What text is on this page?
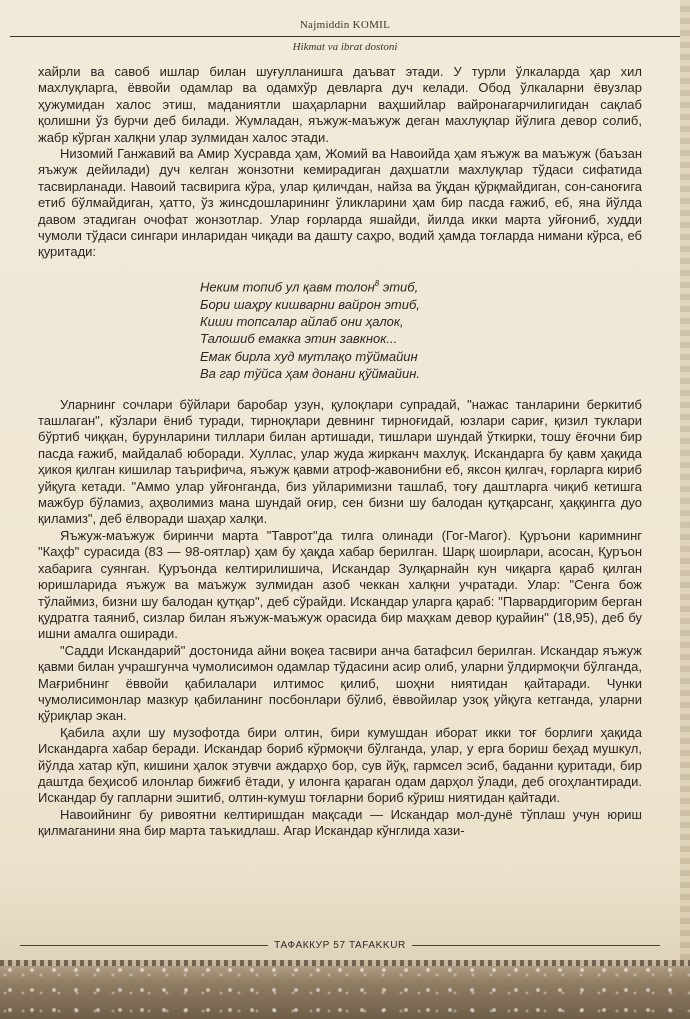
Najmiddin KOMIL
Hikmat va ibrat dostoni

хайрли ва савоб ишлар билан шуғулланишга даъват этади. У турли ўлкаларда ҳар хил махлуқларга, ёввойи одамлар ва одамхўр девларга дуч келади. Обод ўлкаларни ёвузлар ҳужумидан халос этиш, маданиятли шаҳарларни ваҳшийлар вайронагарчилигидан сақлаб қолишни ўз бурчи деб билади. Жумладан, яъжуж-маъжуж деган махлуқлар йўлига девор солиб, жабр кўрган халқни улар зулмидан халос этади.

Низомий Ганжавий ва Амир Хусравда ҳам, Жомий ва Навоийда ҳам яъжуж ва маъжуж (баъзан яъжуж дейилади) дуч келган жонзотни кемирадиган даҳшатли махлуқлар тўдаси сифатида тасвирланади. Навоий тасвирига кўра, улар қиличдан, найза ва ўқдан қўрқмайдиган, сон-саноғига етиб бўлмайдиган, ҳатто, ўз жинсдошларининг ўликларини ҳам бир пасда ғажиб, еб, яна йўлда давом этадиган очофат жонзотлар. Улар ғорларда яшайди, йилда икки марта уйғониб, худди чумоли тўдаси сингари инларидан чиқади ва даштy саҳро, водий ҳамда тоғларда нимани кўрса, еб қуритади:

Неким топиб ул қавм толон$^8$ этиб,
Бори шаҳру кишварни вайрон этиб,
Киши топсалар айлаб они ҳалок,
Талошиб емакка этин завкнок...
Емак бирла худ мутлақо тўймайин
Ва гар тўйса ҳам донани қўймайин.

Уларнинг сочлари бўйлари баробар узун, қулоқлари супрадай, "нажас танларини беркитиб ташлаган", кўзлари ёниб туради, тирноқлари девнинг тирноғидай, юзлари сариғ, қизил туклари бўртиб чиққан, бурунларини тиллари билан артишади, тишлари шундай ўткирки, тошу ёғочни бир пасда ғажиб, майдалаб юборади. Хуллас, улар жуда жирканч махлуқ. Искандарга бу қавм ҳақида ҳикоя қилган кишилар таърифича, яъжуж қавми атроф-жавонибни еб, яксон қилгач, ғорларга кириб уйқуга кетади. "Аммо улар уйғонганда, биз уйларимизни ташлаб, тоғу даштларга чиқиб кетишга мажбур бўламиз, аҳволимиз мана шундай оғир, сен бизни шу балодан қутқарсанг, ҳаққингга дуо қиламиз", деб ёлворади шаҳар халқи.

Яъжуж-маъжуж биринчи марта "Таврот"да тилга олинади (Гог-Магог). Қуръони каримнинг "Каҳф" сурасида (83 — 98-оятлар) ҳам бу ҳақда хабар берилган. Шарқ шоирлари, асосан, Қуръон хабарига суянган. Қуръонда келтирилишича, Искандар Зулқарнайн кун чиқарга қараб қилган юришларида яъжуж ва маъжуж зулмидан азоб чеккан халқни учратади. Улар: "Сенга бож тўлаймиз, бизни шу балодан қутқар", деб сўрайди. Искандар уларга қараб: "Парвардигорим берган қудратга таяниб, сизлар билан яъжуж-маъжуж орасида бир маҳкам девор қурайин" (18,95), деб бу ишни амалга оширади.

"Садди Искандарий" достонида айни воқеа тасвири анча батафсил берилган. Искандар яъжуж қавми билан учрашгунча чумолисимон одамлар тўдасини асир олиб, уларни ўлдирмоқчи бўлганда, Мағрибнинг ёввойи қабилалари илтимос қилиб, шоҳни ниятидан қайтаради. Чунки чумолисимонлар мазкур қабиланинг посбонлари бўлиб, ёввойилар узоқ уйқуга кетганда, уларни қўриқлар экан.

Қабила аҳли шу музофотда бири олтин, бири кумушдан иборат икки тоғ борлиги ҳақида Искандарга хабар беради. Искандар бориб кўрмоқчи бўлганда, улар, у ерга бориш беҳад мушкул, йўлда хатар кўп, кишини ҳалок этувчи аждарҳо бор, сув йўқ, гармсел эсиб, баданни қуритади, бир даштда беҳисоб илонлар бижғиб ётади, у илонга қараган одам дарҳол ўлади, деб огоҳлантиради. Искандар бу гапларни эшитиб, олтин-кумуш тоғларни бориб кўриш ниятидан қайтади.

Навоийнинг бу ривоятни келтиришдан мақсади — Искандар мол-дунё тўплаш учун юриш қилмаганини яна бир марта таъкидлаш. Агар Искандар кўнглида хази-

ТАФАККУР 57 TAFAKKUR
